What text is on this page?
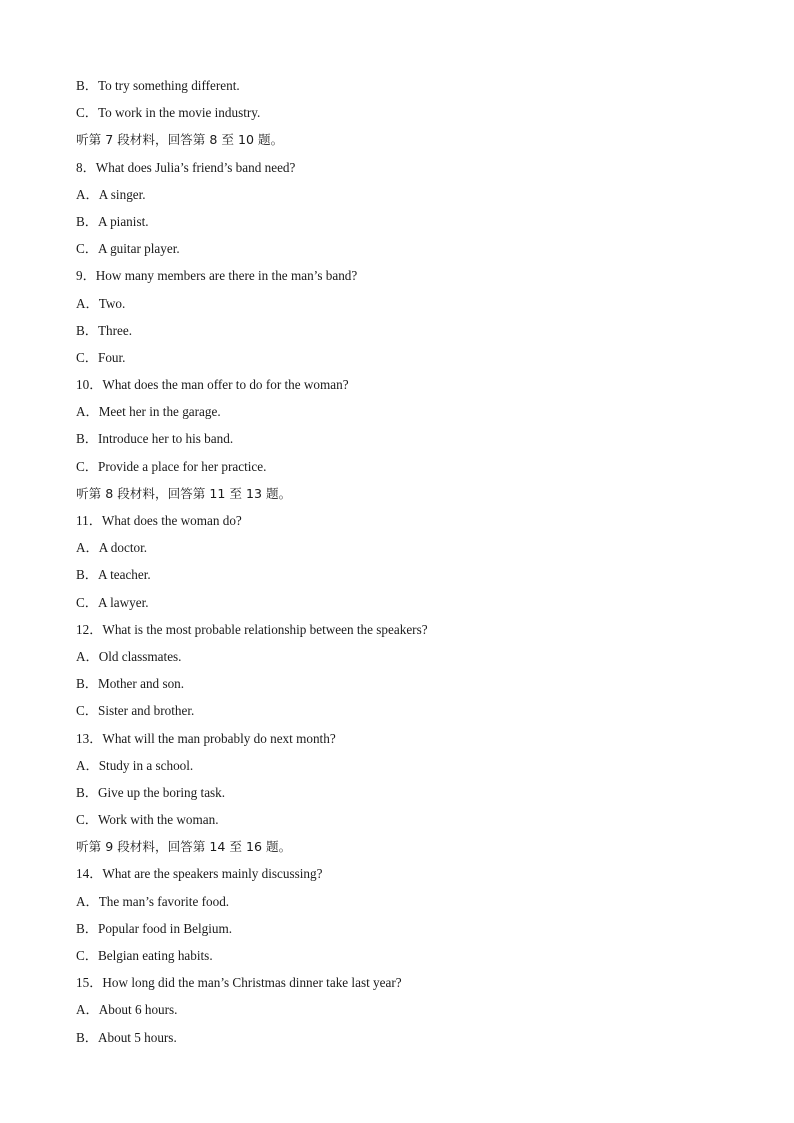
B．To try something different.
C．To work in the movie industry.
听第 7 段材料，回答第 8 至 10 题。
8．What does Julia’s friend’s band need?
A．A singer.
B．A pianist.
C．A guitar player.
9．How many members are there in the man’s band?
A．Two.
B．Three.
C．Four.
10．What does the man offer to do for the woman?
A．Meet her in the garage.
B．Introduce her to his band.
C．Provide a place for her practice.
听第 8 段材料，回答第 11 至 13 题。
11．What does the woman do?
A．A doctor.
B．A teacher.
C．A lawyer.
12．What is the most probable relationship between the speakers?
A．Old classmates.
B．Mother and son.
C．Sister and brother.
13．What will the man probably do next month?
A．Study in a school.
B．Give up the boring task.
C．Work with the woman.
听第 9 段材料，回答第 14 至 16 题。
14．What are the speakers mainly discussing?
A．The man’s favorite food.
B．Popular food in Belgium.
C．Belgian eating habits.
15．How long did the man’s Christmas dinner take last year?
A．About 6 hours.
B．About 5 hours.
